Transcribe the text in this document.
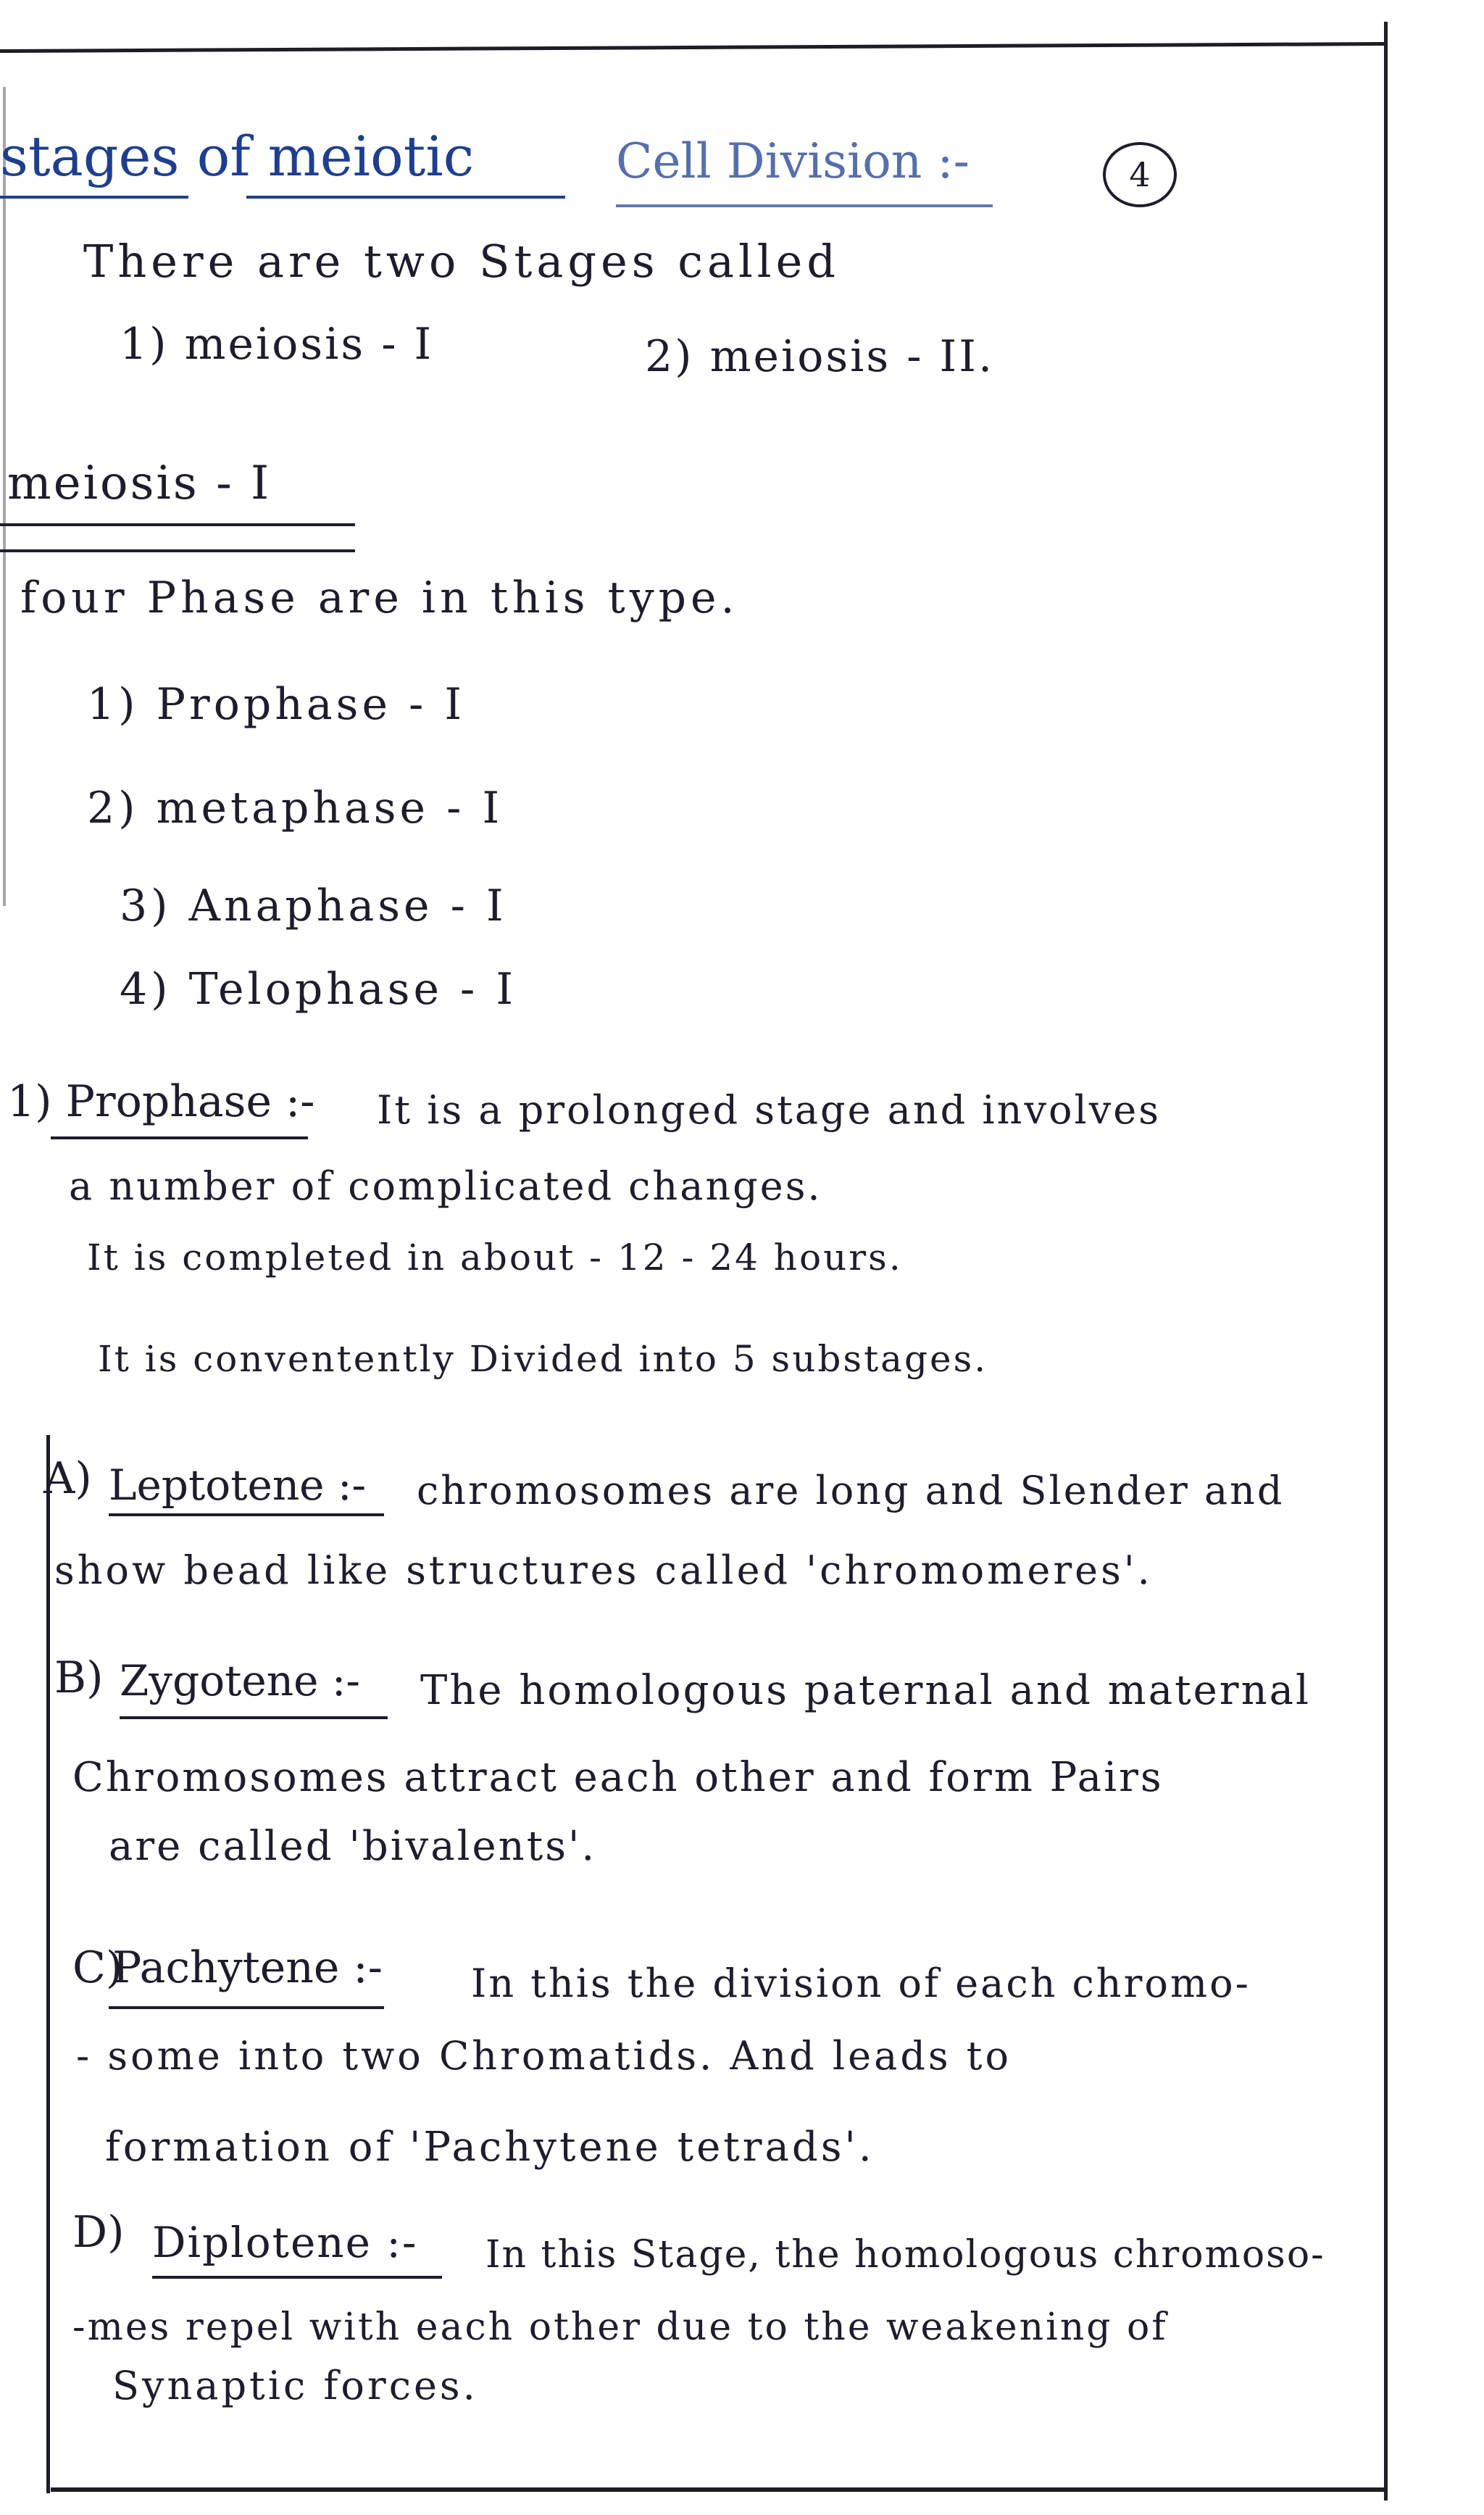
stages of meiotic	Cell Division :-	4
There are two Stages called
1) meiosis - I	2) meiosis - II.
meiosis - I
four Phase are in this type.
1) Prophase - I
2) metaphase - I
3) Anaphase - I
4) Telophase - I
1) Prophase :- It is a prolonged stage and involves
a number of complicated changes.
It is completed in about - 12 - 24 hours.
It is conventently Divided into 5 substages.
A) Leptotene :- chromosomes are long and Slender and
show bead like structures called 'chromomeres'.
B) Zygotene :- The homologous paternal and maternal
Chromosomes attract each other and form Pairs
are called 'bivalents'.
C)
Pachytene :- In this the division of each chromo-
- some into two Chromatids. And leads to
formation of 'Pachytene tetrads'.
D) Diplotene :- In this Stage, the homologous chromoso-
-mes repel with each other due to the weakening of
Synaptic forces.
